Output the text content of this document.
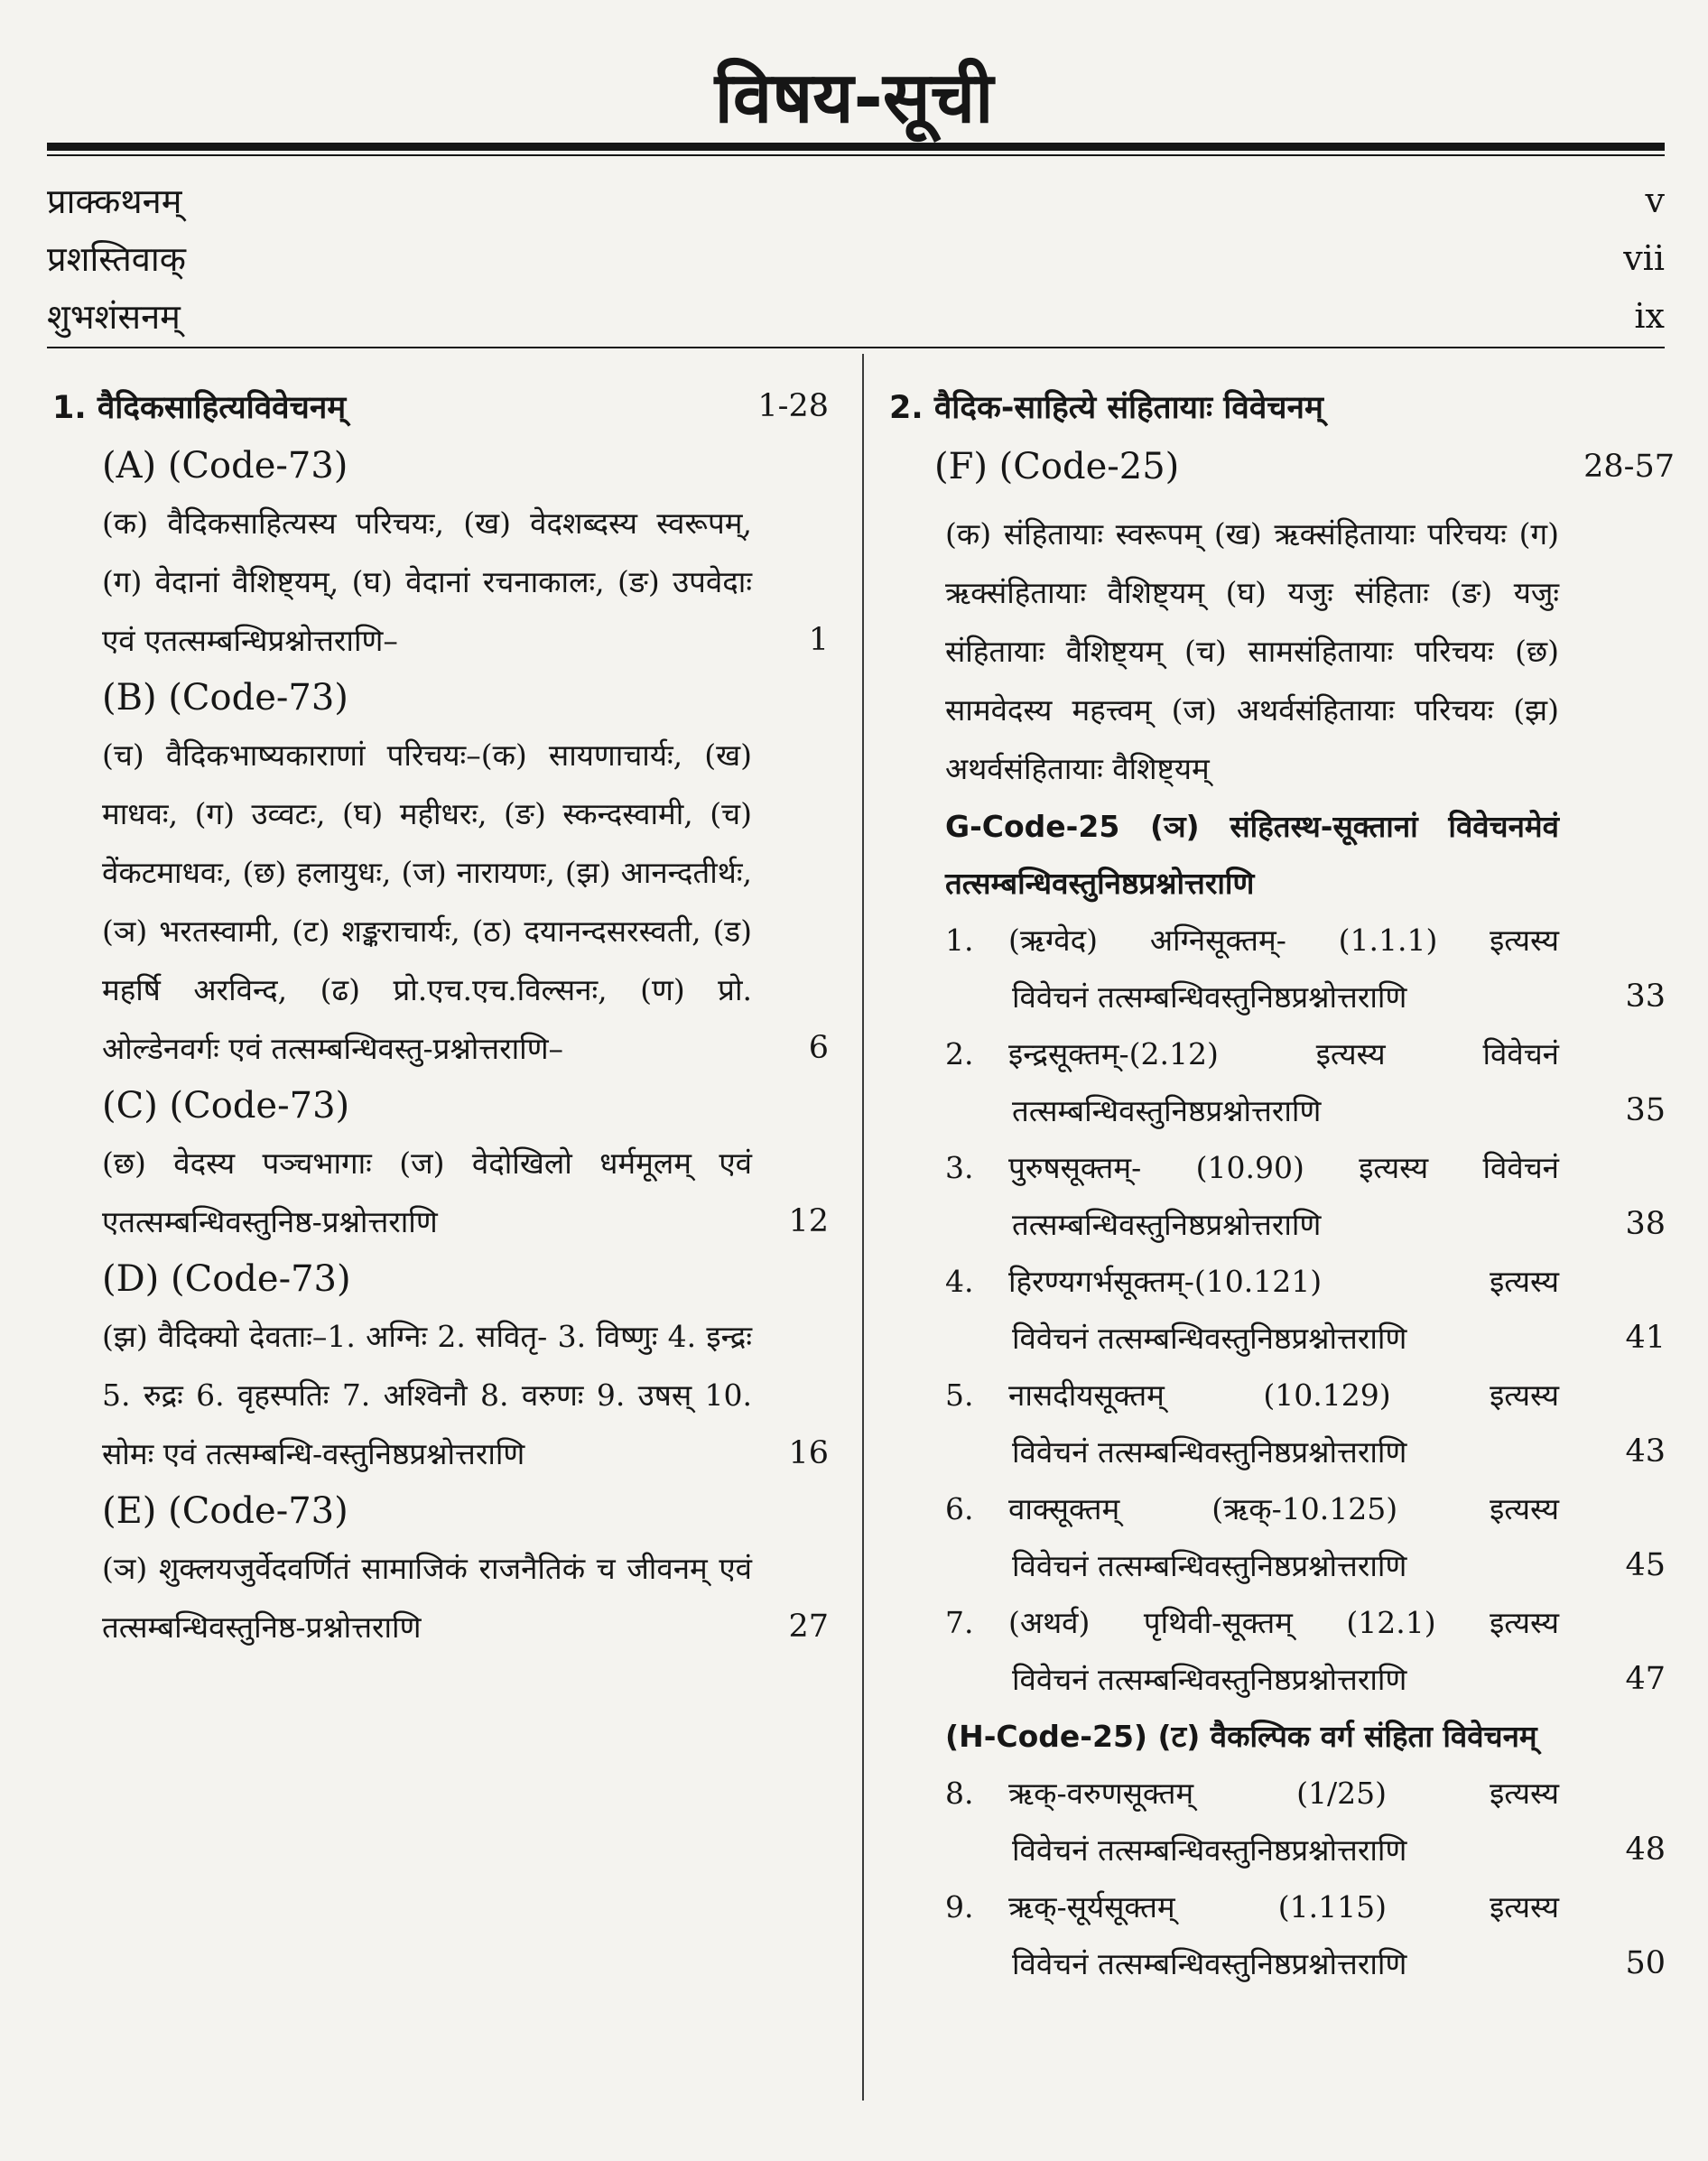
विषय-सूची
प्राक्कथनम्	v
प्रशस्तिवाक्	vii
शुभशंसनम्	ix
1. वैदिकसाहित्यविवेचनम्	1-28
(A) (Code-73)
(क) वैदिकसाहित्यस्य परिचयः, (ख) वेदशब्दस्य स्वरूपम्, (ग) वेदानां वैशिष्ट्यम्, (घ) वेदानां रचनाकालः, (ङ) उपवेदाः एवं एतत्सम्बन्धिप्रश्नोत्तराणि–	1
(B) (Code-73)
(च) वैदिकभाष्यकाराणां परिचयः–(क) सायणाचार्यः, (ख) माधवः, (ग) उव्वटः, (घ) महीधरः, (ङ) स्कन्दस्वामी, (च) वेंकटमाधवः, (छ) हलायुधः, (ज) नारायणः, (झ) आनन्दतीर्थः, (ञ) भरतस्वामी, (ट) शङ्कराचार्यः, (ठ) दयानन्दसरस्वती, (ड) महर्षि अरविन्द, (ढ) प्रो.एच.एच.विल्सनः, (ण) प्रो. ओल्डेनवर्गः एवं तत्सम्बन्धिवस्तु-प्रश्नोत्तराणि–	6
(C) (Code-73)
(छ) वेदस्य पञ्चभागाः (ज) वेदोखिलो धर्ममूलम् एवं एतत्सम्बन्धिवस्तुनिष्ठ-प्रश्नोत्तराणि	12
(D) (Code-73)
(झ) वैदिक्यो देवताः–1. अग्निः 2. सवितृ- 3. विष्णुः 4. इन्द्रः 5. रुद्रः 6. वृहस्पतिः 7. अश्विनौ 8. वरुणः 9. उषस् 10. सोमः एवं तत्सम्बन्धि-वस्तुनिष्ठप्रश्नोत्तराणि	16
(E) (Code-73)
(ञ) शुक्लयजुर्वेदवर्णितं सामाजिकं राजनैतिकं च जीवनम् एवं तत्सम्बन्धिवस्तुनिष्ठ-प्रश्नोत्तराणि	27
2. वैदिक-साहित्ये संहितायाः विवेचनम्
(F) (Code-25)	28-57
(क) संहितायाः स्वरूपम् (ख) ऋक्संहितायाः परिचयः (ग) ऋक्संहितायाः वैशिष्ट्यम् (घ) यजुः संहिताः (ङ) यजुः संहितायाः वैशिष्ट्यम् (च) सामसंहितायाः परिचयः (छ) सामवेदस्य महत्त्वम् (ज) अथर्वसंहितायाः परिचयः (झ) अथर्वसंहितायाः वैशिष्ट्यम्
G-Code-25 (ञ) संहितस्थ-सूक्तानां विवेचनमेवं तत्सम्बन्धिवस्तुनिष्ठप्रश्नोत्तराणि
1.	(ऋग्वेद) अग्निसूक्तम्- (1.1.1) इत्यस्य
विवेचनं तत्सम्बन्धिवस्तुनिष्ठप्रश्नोत्तराणि	33
2.	इन्द्रसूक्तम्-(2.12) इत्यस्य विवेचनं
तत्सम्बन्धिवस्तुनिष्ठप्रश्नोत्तराणि	35
3.	पुरुषसूक्तम्- (10.90) इत्यस्य विवेचनं
तत्सम्बन्धिवस्तुनिष्ठप्रश्नोत्तराणि	38
4.	हिरण्यगर्भसूक्तम्-(10.121) इत्यस्य
विवेचनं तत्सम्बन्धिवस्तुनिष्ठप्रश्नोत्तराणि	41
5.	नासदीयसूक्तम् (10.129) इत्यस्य
विवेचनं तत्सम्बन्धिवस्तुनिष्ठप्रश्नोत्तराणि	43
6.	वाक्सूक्तम् (ऋक्-10.125) इत्यस्य
विवेचनं तत्सम्बन्धिवस्तुनिष्ठप्रश्नोत्तराणि	45
7.	(अथर्व) पृथिवी-सूक्तम् (12.1) इत्यस्य
विवेचनं तत्सम्बन्धिवस्तुनिष्ठप्रश्नोत्तराणि	47
(H-Code-25) (ट) वैकल्पिक वर्ग संहिता विवेचनम्
8.	ऋक्-वरुणसूक्तम् (1/25) इत्यस्य
विवेचनं तत्सम्बन्धिवस्तुनिष्ठप्रश्नोत्तराणि	48
9.	ऋक्-सूर्यसूक्तम् (1.115) इत्यस्य
विवेचनं तत्सम्बन्धिवस्तुनिष्ठप्रश्नोत्तराणि	50
